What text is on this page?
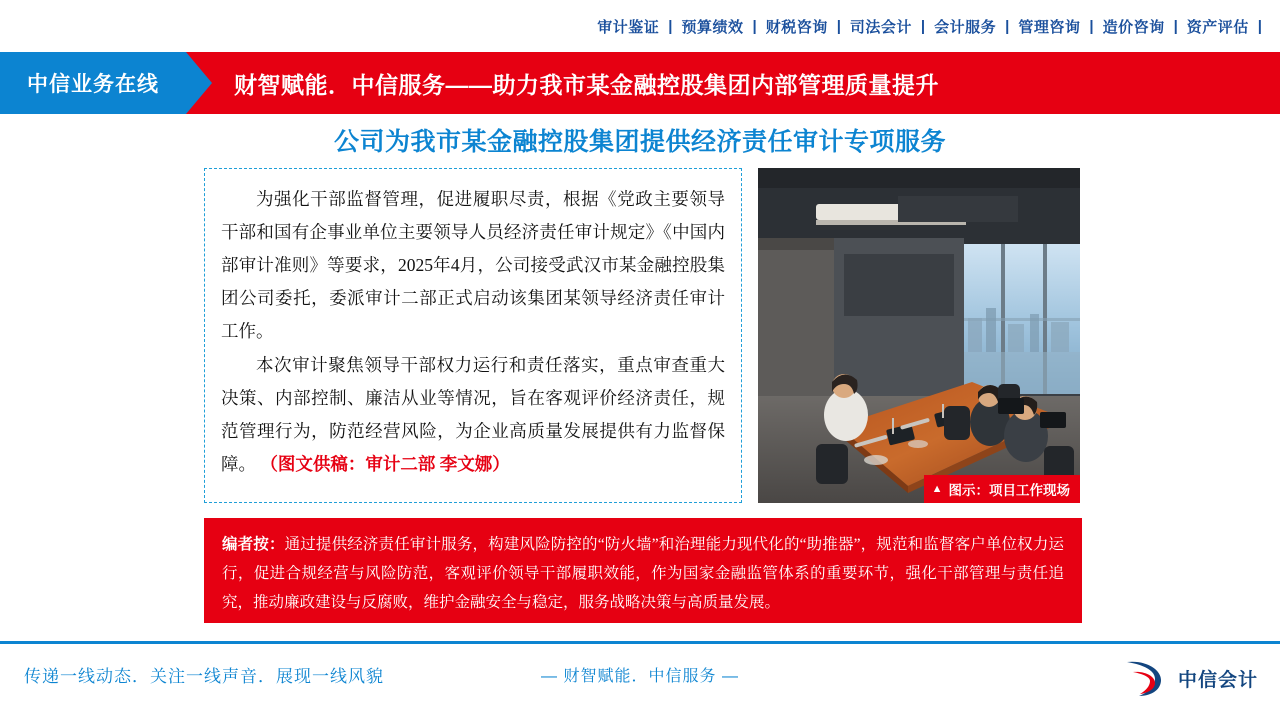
审计鉴证 | 预算绩效 | 财税咨询 | 司法会计 | 会计服务 | 管理咨询 | 造价咨询 | 资产评估 |
中信业务在线	财智赋能．中信服务——助力我市某金融控股集团内部管理质量提升
公司为我市某金融控股集团提供经济责任审计专项服务

为强化干部监督管理，促进履职尽责，根据《党政主要领导干部和国有企事业单位主要领导人员经济责任审计规定》《中国内部审计准则》等要求，2025年4月，公司接受武汉市某金融控股集团公司委托，委派审计二部正式启动该集团某领导经济责任审计工作。

本次审计聚焦领导干部权力运行和责任落实，重点审查重大决策、内部控制、廉洁从业等情况，旨在客观评价经济责任，规范管理行为，防范经营风险，为企业高质量发展提供有力监督保障。 （图文供稿：审计二部 李文娜）

▲ 图示：项目工作现场
编者按：通过提供经济责任审计服务，构建风险防控的“防火墙”和治理能力现代化的“助推器”，规范和监督客户单位权力运行，促进合规经营与风险防范，客观评价领导干部履职效能，作为国家金融监管体系的重要环节，强化干部管理与责任追究，推动廉政建设与反腐败，维护金融安全与稳定，服务战略决策与高质量发展。
传递一线动态．关注一线声音．展现一线风貌	— 财智赋能．中信服务 —	中信会计
